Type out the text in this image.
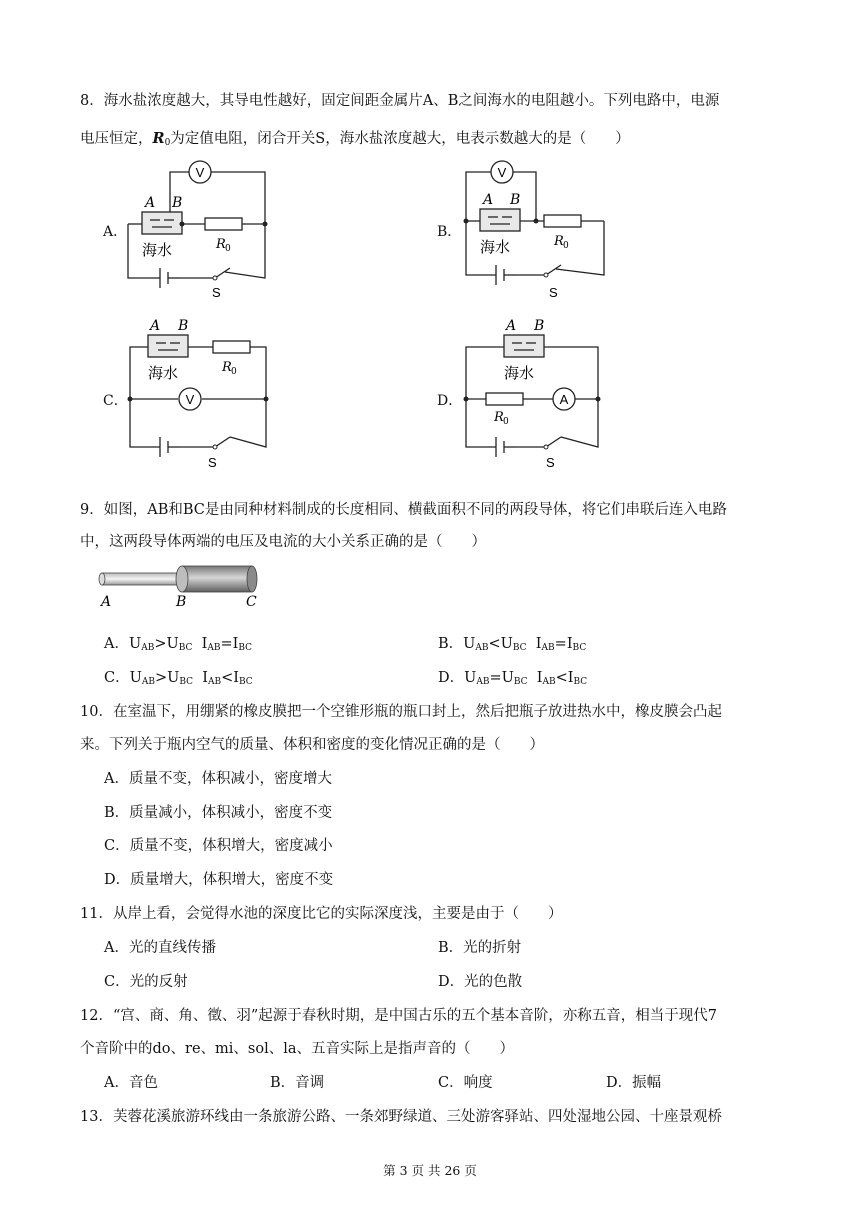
8．海水盐浓度越大，其导电性越好，固定间距金属片A、B之间海水的电阻越小。下列电路中，电源
电压恒定，$R_0$为定值电阻，闭合开关S，海水盐浓度越大，电表示数越大的是（　　）
A．
V
A B
海水	R 0
S
B．
V
A B
海水	R 0
S
C．	V
A B
海水	R 0
S
D．	A
A B
海水
R 0
S
9．如图，AB和BC是由同种材料制成的长度相同、横截面积不同的两段导体，将它们串联后连入电路
中，这两段导体两端的电压及电流的大小关系正确的是（　　）
A	B	C
A．$U_{AB}>U_{BC}$ $I_{AB}=I_{BC}$	B．$U_{AB}<U_{BC}$ $I_{AB}=I_{BC}$
C．$U_{AB}>U_{BC}$ $I_{AB}<I_{BC}$	D．$U_{AB}=U_{BC}$ $I_{AB}<I_{BC}$
10．在室温下，用绷紧的橡皮膜把一个空锥形瓶的瓶口封上，然后把瓶子放进热水中，橡皮膜会凸起
来。下列关于瓶内空气的质量、体积和密度的变化情况正确的是（　　）
A．质量不变，体积减小，密度增大
B．质量减小，体积减小，密度不变
C．质量不变，体积增大，密度减小
D．质量增大，体积增大，密度不变
11．从岸上看，会觉得水池的深度比它的实际深度浅，主要是由于（　　）
A．光的直线传播	B．光的折射
C．光的反射	D．光的色散
12．“宫、商、角、徵、羽”起源于春秋时期，是中国古乐的五个基本音阶，亦称五音，相当于现代7
个音阶中的do、re、mi、sol、la、五音实际上是指声音的（　　）
A．音色	B．音调	C．响度	D．振幅
13．芙蓉花溪旅游环线由一条旅游公路、一条郊野绿道、三处游客驿站、四处湿地公园、十座景观桥
第 3 页 共 26 页
